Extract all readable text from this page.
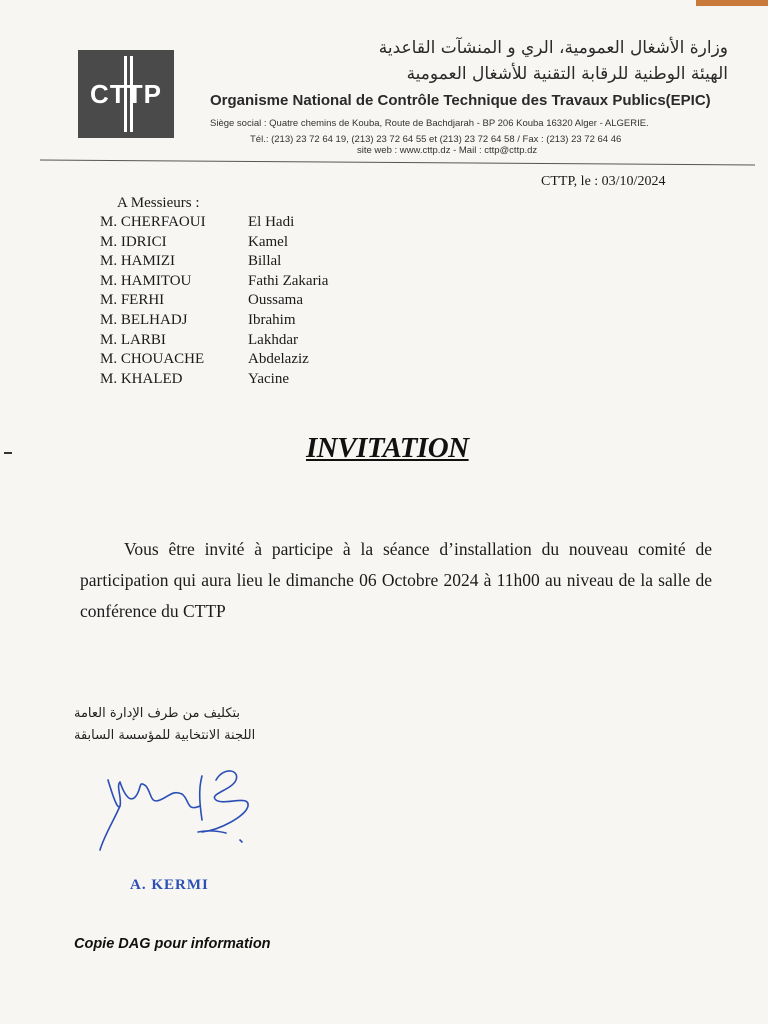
CTTP
وزارة الأشغال العمومية، الري و المنشآت القاعدية
الهيئة الوطنية للرقابة التقنية للأشغال العمومية
Organisme National de Contrôle Technique des Travaux Publics(EPIC)
Siège social : Quatre chemins de Kouba, Route de Bachdjarah - BP 206 Kouba 16320 Alger - ALGERIE.
Tél.: (213) 23 72 64 19, (213) 23 72 64 55 et (213) 23 72 64 58 / Fax : (213) 23 72 64 46
site web : www.cttp.dz - Mail : cttp@cttp.dz
CTTP, le : 03/10/2024
A Messieurs :
M. CHERFAOUI	El Hadi
M. IDRICI	Kamel
M. HAMIZI	Billal
M. HAMITOU	Fathi Zakaria
M. FERHI	Oussama
M. BELHADJ	Ibrahim
M. LARBI	Lakhdar
M. CHOUACHE	Abdelaziz
M. KHALED	Yacine
INVITATION
Vous être invité à participe à la séance d’installation du nouveau comité de participation qui aura lieu le dimanche 06 Octobre 2024 à 11h00 au niveau de la salle de conférence du CTTP
بتكليف من طرف الإدارة العامة
اللجنة الانتخابية للمؤسسة السابقة
A. KERMI
Copie DAG pour information
